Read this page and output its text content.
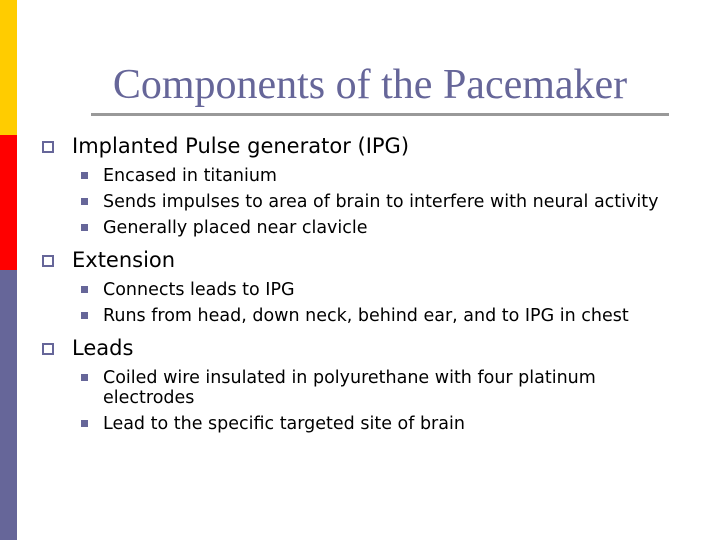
Components of the Pacemaker
Implanted Pulse generator (IPG)
Encased in titanium
Sends impulses to area of brain to interfere with neural activity
Generally placed near clavicle
Extension
Connects leads to IPG
Runs from head, down neck, behind ear, and to IPG in chest
Leads
Coiled wire insulated in polyurethane with four platinum electrodes
Lead to the specific targeted site of brain
